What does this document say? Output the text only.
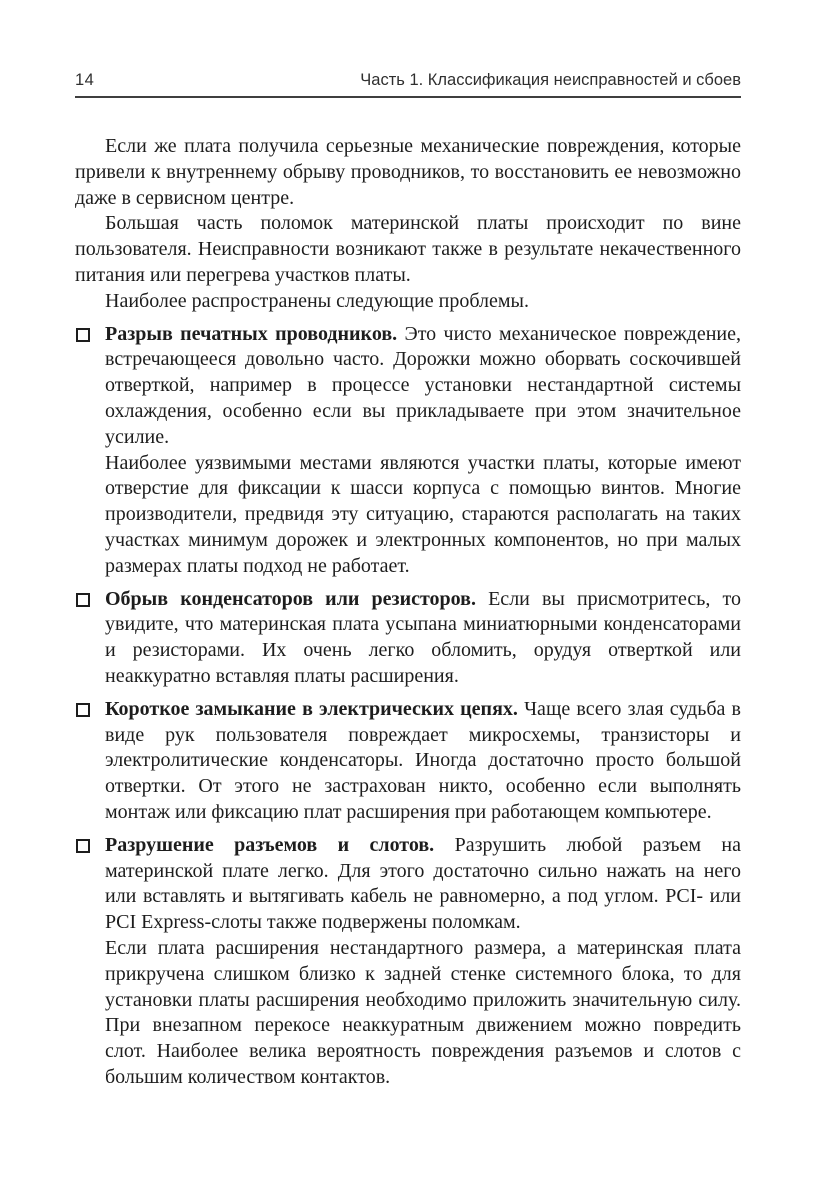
14	Часть 1. Классификация неисправностей и сбоев

Если же плата получила серьезные механические повреждения, которые привели к внутреннему обрыву проводников, то восстановить ее невозможно даже в сервисном центре.

Большая часть поломок материнской платы происходит по вине пользователя. Неисправности возникают также в результате некачественного питания или перегрева участков платы.

Наиболее распространены следующие проблемы.

Разрыв печатных проводников. Это чисто механическое повреждение, встречающееся довольно часто. Дорожки можно оборвать соскочившей отверткой, например в процессе установки нестандартной системы охлаждения, особенно если вы прикладываете при этом значительное усилие.

Наиболее уязвимыми местами являются участки платы, которые имеют отверстие для фиксации к шасси корпуса с помощью винтов. Многие производители, предвидя эту ситуацию, стараются располагать на таких участках минимум дорожек и электронных компонентов, но при малых размерах платы подход не работает.

Обрыв конденсаторов или резисторов. Если вы присмотритесь, то увидите, что материнская плата усыпана миниатюрными конденсаторами и резисторами. Их очень легко обломить, орудуя отверткой или неаккуратно вставляя платы расширения.

Короткое замыкание в электрических цепях. Чаще всего злая судьба в виде рук пользователя повреждает микросхемы, транзисторы и электролитические конденсаторы. Иногда достаточно просто большой отвертки. От этого не застрахован никто, особенно если выполнять монтаж или фиксацию плат расширения при работающем компьютере.

Разрушение разъемов и слотов. Разрушить любой разъем на материнской плате легко. Для этого достаточно сильно нажать на него или вставлять и вытягивать кабель не равномерно, а под углом. PCI- или PCI Express-слоты также подвержены поломкам.

Если плата расширения нестандартного размера, а материнская плата прикручена слишком близко к задней стенке системного блока, то для установки платы расширения необходимо приложить значительную силу. При внезапном перекосе неаккуратным движением можно повредить слот. Наиболее велика вероятность повреждения разъемов и слотов с большим количеством контактов.
